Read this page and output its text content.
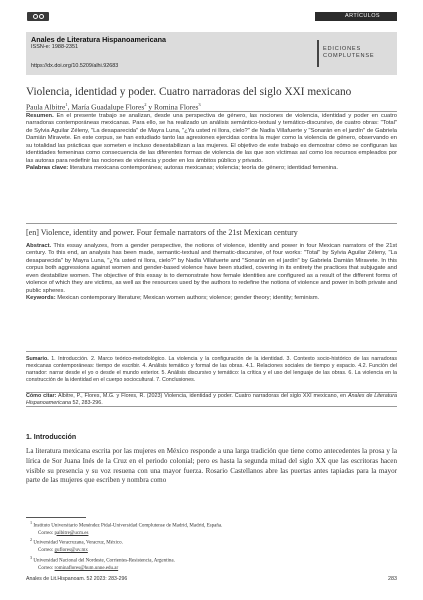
ARTÍCULOS
Anales de Literatura Hispanoamericana
ISSN-e: 1988-2351
https://dx.doi.org/10.5209/alhi.92683
EDICIONES
COMPLUTENSE
Violencia, identidad y poder. Cuatro narradoras del siglo XXI mexicano
Paula Albitre$^1$, María Guadalupe Flores$^2$ y Romina Flores$^3$

Resumen. En el presente trabajo se analizan, desde una perspectiva de género, las nociones de violencia, identidad y poder en cuatro narradoras contemporáneas mexicanas. Para ello, se ha realizado un análisis semántico-textual y temático-discursivo, de cuatro obras: "Total" de Sylvia Aguilar Zéleny, "La desaparecida" de Mayra Luna, "¿Ya usted ni llora, cielo?" de Nadia Villafuerte y "Sonarán en el jardín" de Gabriela Damián Miravete. En este corpus, se han estudiado tanto las agresiones ejercidas contra la mujer como la violencia de género, observando en su totalidad las prácticas que someten e incluso desestabilizan a las mujeres. El objetivo de este trabajo es demostrar cómo se configuran las identidades femeninas como consecuencia de las diferentes formas de violencia de las que son víctimas así como los recursos empleados por las autoras para redefinir las nociones de violencia y poder en los ámbitos público y privado.

Palabras clave: literatura mexicana contemporánea; autoras mexicanas; violencia; teoría de género; identidad femenina.

[en] Violence, identity and power. Four female narrators of the 21st Mexican century

Abstract. This essay analyzes, from a gender perspective, the notions of violence, identity and power in four Mexican narrators of the 21st century. To this end, an analysis has been made, semantic-textual and thematic-discursive, of four works: "Total" by Sylvia Aguilar Zéleny, "La desaparecida" by Mayra Luna, "¿Ya usted ni llora, cielo?" by Nadia Villafuerte and "Sonarán en el jardín" by Gabriela Damián Miravete. In this corpus both aggressions against women and gender-based violence have been studied, covering in its entirety the practices that subjugate and even destabilize women. The objective of this essay is to demonstrate how female identities are configured as a result of the different forms of violence of which they are victims, as well as the resources used by the authors to redefine the notions of violence and power in both private and public spheres.

Keywords: Mexican contemporary literature; Mexican women authors; violence; gender theory; identity; feminism.

Sumario. 1. Introducción. 2. Marco teórico-metodológico. La violencia y la configuración de la identidad. 3. Contexto socio-histórico de las narradoras mexicanas contemporáneas: tiempo de escribir. 4. Análisis temático y formal de las obras. 4.1. Relaciones sociales de tiempo y espacio. 4.2. Función del narrador: narrar desde el yo o desde el mundo exterior. 5. Análisis discursivo y temático: la crítica y el uso del lenguaje de las obras. 6. La violencia en la construcción de la identidad en el cuerpo sociocultural. 7. Conclusiones.
Cómo citar: Albitre, P., Flores, M.G. y Flores, R. (2023) Violencia, identidad y poder. Cuatro narradoras del siglo XXI mexicano, en Anales de Literatura Hispanoamericana 52, 283-296.
1. Introducción
La literatura mexicana escrita por las mujeres en México responde a una larga tradición que tiene como antecedentes la prosa y la lírica de Sor Juana Inés de la Cruz en el periodo colonial; pero es hasta la segunda mitad del siglo XX que las escritoras hacen visible su presencia y su voz resuena con una mayor fuerza. Rosario Castellanos abre las puertas antes tapiadas para la mayor parte de las mujeres que escriben y nombra como
$^1$ Instituto Universitario Menéndez Pidal-Universidad Complutense de Madrid, Madrid, España.
Correo: palbitre@ucm.es
$^2$ Universidad Veracruzana, Veracruz, México.
Correo: guflores@uv.mx
$^3$ Universidad Nacional del Nordeste, Corrientes-Resistencia, Argentina.
Correo: rominaflores@hum.unne.edu.ar
Anales de Lit.Hispanoam. 52 2023: 283-296	283
